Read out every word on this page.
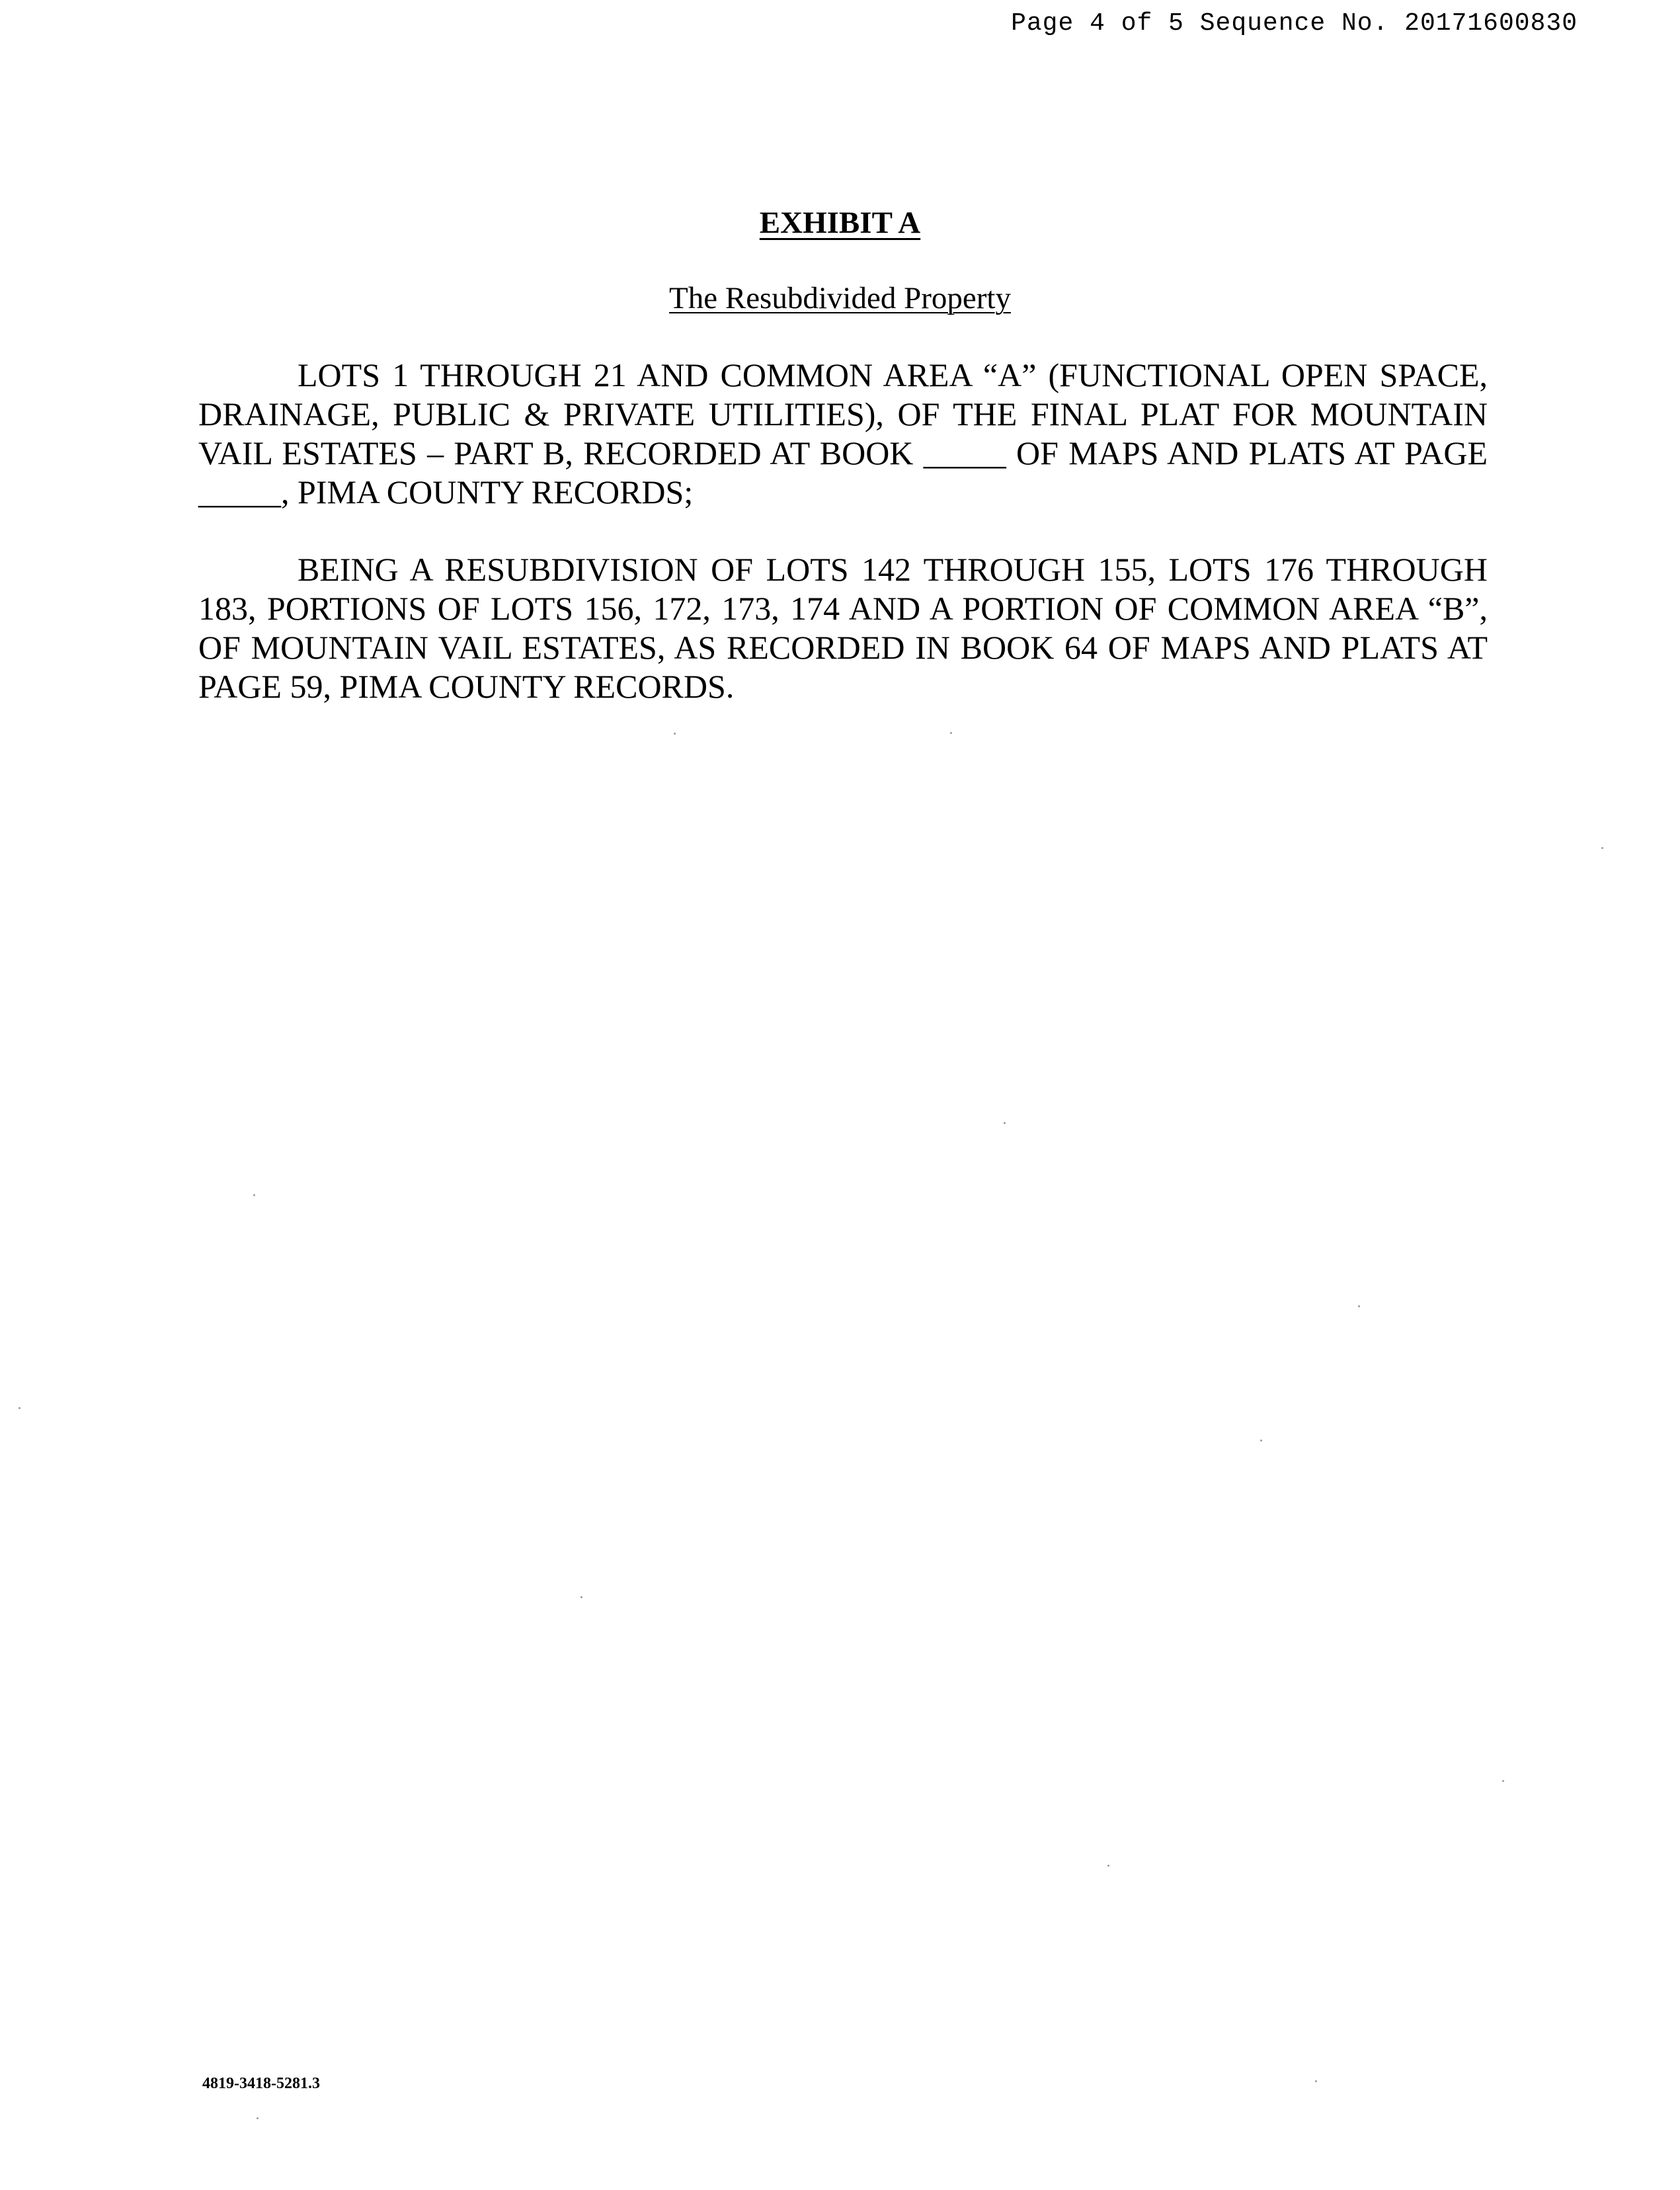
Page 4 of 5 Sequence No. 20171600830
EXHIBIT A
The Resubdivided Property

LOTS 1 THROUGH 21 AND COMMON AREA “A” (FUNCTIONAL OPEN SPACE, DRAINAGE, PUBLIC & PRIVATE UTILITIES), OF THE FINAL PLAT FOR MOUNTAIN VAIL ESTATES – PART B, RECORDED AT BOOK _____ OF MAPS AND PLATS AT PAGE _____, PIMA COUNTY RECORDS;

BEING A RESUBDIVISION OF LOTS 142 THROUGH 155, LOTS 176 THROUGH 183, PORTIONS OF LOTS 156, 172, 173, 174 AND A PORTION OF COMMON AREA “B”, OF MOUNTAIN VAIL ESTATES, AS RECORDED IN BOOK 64 OF MAPS AND PLATS AT PAGE 59, PIMA COUNTY RECORDS.

4819-3418-5281.3
